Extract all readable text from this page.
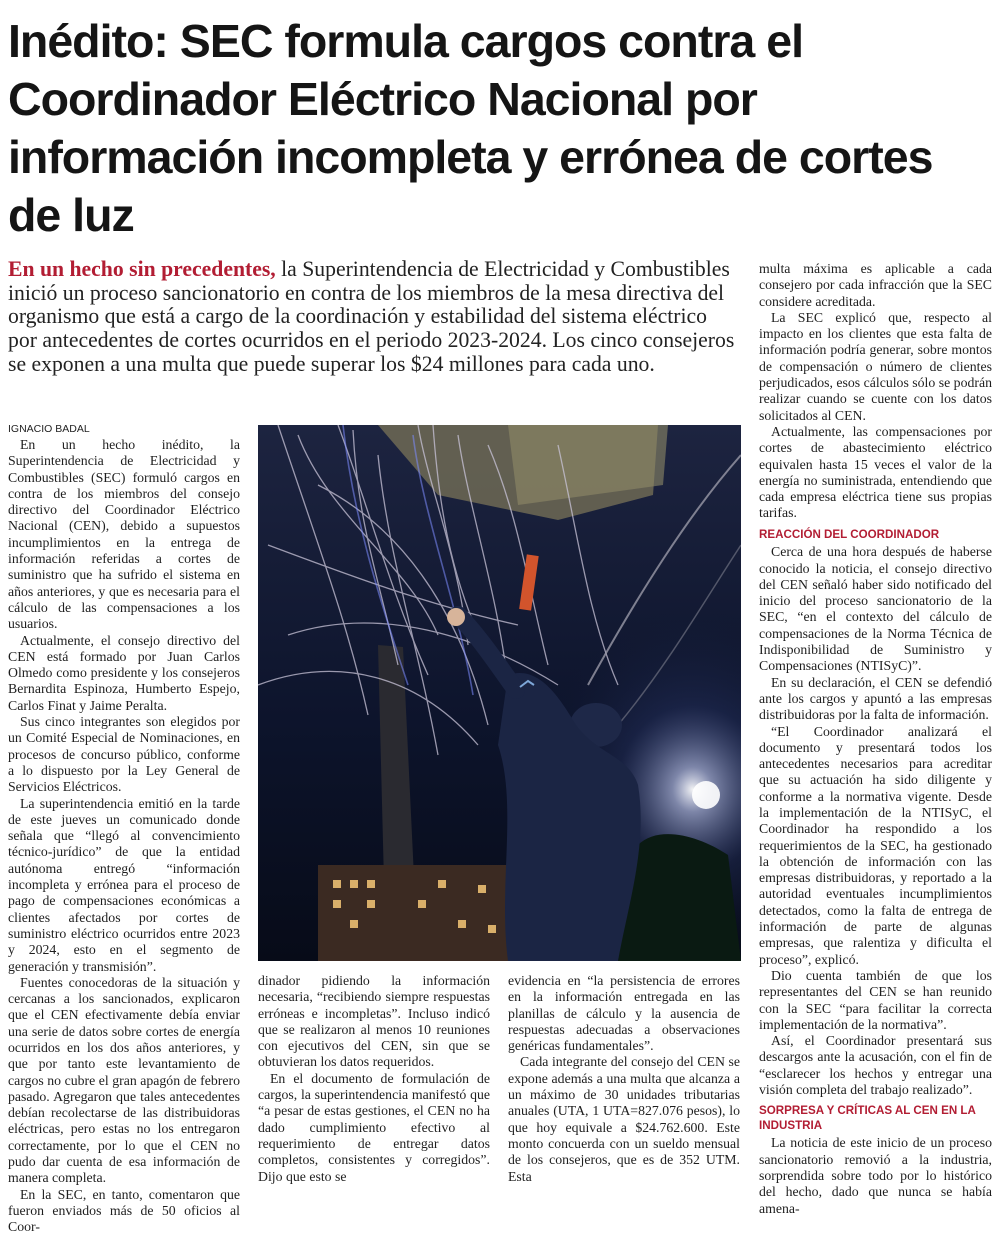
Inédito: SEC formula cargos contra el Coordinador Eléctrico Nacional por información incompleta y errónea de cortes de luz

En un hecho sin precedentes, la Superintendencia de Electricidad y Combustibles inició un proceso sancionatorio en contra de los miembros de la mesa directiva del organismo que está a cargo de la coordinación y estabilidad del sistema eléctrico por antecedentes de cortes ocurridos en el periodo 2023-2024. Los cinco consejeros se exponen a una multa que puede superar los $24 millones para cada uno.

IGNACIO BADAL

En un hecho inédito, la Superintendencia de Electricidad y Combustibles (SEC) formuló cargos en contra de los miembros del consejo directivo del Coordinador Eléctrico Nacional (CEN), debido a supuestos incumplimientos en la entrega de información referidas a cortes de suministro que ha sufrido el sistema en años anteriores, y que es necesaria para el cálculo de las compensaciones a los usuarios.

Actualmente, el consejo directivo del CEN está formado por Juan Carlos Olmedo como presidente y los consejeros Bernardita Espinoza, Humberto Espejo, Carlos Finat y Jaime Peralta.

Sus cinco integrantes son elegidos por un Comité Especial de Nominaciones, en procesos de concurso público, conforme a lo dispuesto por la Ley General de Servicios Eléctricos.

La superintendencia emitió en la tarde de este jueves un comunicado donde señala que “llegó al convencimiento técnico-jurídico” de que la entidad autónoma entregó “información incompleta y errónea para el proceso de pago de compensaciones económicas a clientes afectados por cortes de suministro eléctrico ocurridos entre 2023 y 2024, esto en el segmento de generación y transmisión”.

Fuentes conocedoras de la situación y cercanas a los sancionados, explicaron que el CEN efectivamente debía enviar una serie de datos sobre cortes de energía ocurridos en los dos años anteriores, y que por tanto este levantamiento de cargos no cubre el gran apagón de febrero pasado. Agregaron que tales antecedentes debían recolectarse de las distribuidoras eléctricas, pero estas no los entregaron correctamente, por lo que el CEN no pudo dar cuenta de esa información de manera completa.

En la SEC, en tanto, comentaron que fueron enviados más de 50 oficios al Coor-

dinador pidiendo la información necesaria, “recibiendo siempre respuestas erróneas e incompletas”. Incluso indicó que se realizaron al menos 10 reuniones con ejecutivos del CEN, sin que se obtuvieran los datos requeridos.

En el documento de formulación de cargos, la superintendencia manifestó que “a pesar de estas gestiones, el CEN no ha dado cumplimiento efectivo al requerimiento de entregar datos completos, consistentes y corregidos”. Dijo que esto se

evidencia en “la persistencia de errores en la información entregada en las planillas de cálculo y la ausencia de respuestas adecuadas a observaciones genéricas fundamentales”.

Cada integrante del consejo del CEN se expone además a una multa que alcanza a un máximo de 30 unidades tributarias anuales (UTA, 1 UTA=827.076 pesos), lo que hoy equivale a $24.762.600. Este monto concuerda con un sueldo mensual de los consejeros, que es de 352 UTM. Esta

multa máxima es aplicable a cada consejero por cada infracción que la SEC considere acreditada.

La SEC explicó que, respecto al impacto en los clientes que esta falta de información podría generar, sobre montos de compensación o número de clientes perjudicados, esos cálculos sólo se podrán realizar cuando se cuente con los datos solicitados al CEN.

Actualmente, las compensaciones por cortes de abastecimiento eléctrico equivalen hasta 15 veces el valor de la energía no suministrada, entendiendo que cada empresa eléctrica tiene sus propias tarifas.

REACCIÓN DEL COORDINADOR

Cerca de una hora después de haberse conocido la noticia, el consejo directivo del CEN señaló haber sido notificado del inicio del proceso sancionatorio de la SEC, “en el contexto del cálculo de compensaciones de la Norma Técnica de Indisponibilidad de Suministro y Compensaciones (NTISyC)”.

En su declaración, el CEN se defendió ante los cargos y apuntó a las empresas distribuidoras por la falta de información.

“El Coordinador analizará el documento y presentará todos los antecedentes necesarios para acreditar que su actuación ha sido diligente y conforme a la normativa vigente. Desde la implementación de la NTISyC, el Coordinador ha respondido a los requerimientos de la SEC, ha gestionado la obtención de información con las empresas distribuidoras, y reportado a la autoridad eventuales incumplimientos detectados, como la falta de entrega de información de parte de algunas empresas, que ralentiza y dificulta el proceso”, explicó.

Dio cuenta también de que los representantes del CEN se han reunido con la SEC “para facilitar la correcta implementación de la normativa”.

Así, el Coordinador presentará sus descargos ante la acusación, con el fin de “esclarecer los hechos y entregar una visión completa del trabajo realizado”.

SORPRESA Y CRÍTICAS AL CEN EN LA INDUSTRIA

La noticia de este inicio de un proceso sancionatorio removió a la industria, sorprendida sobre todo por lo histórico del hecho, dado que nunca se había amena-
